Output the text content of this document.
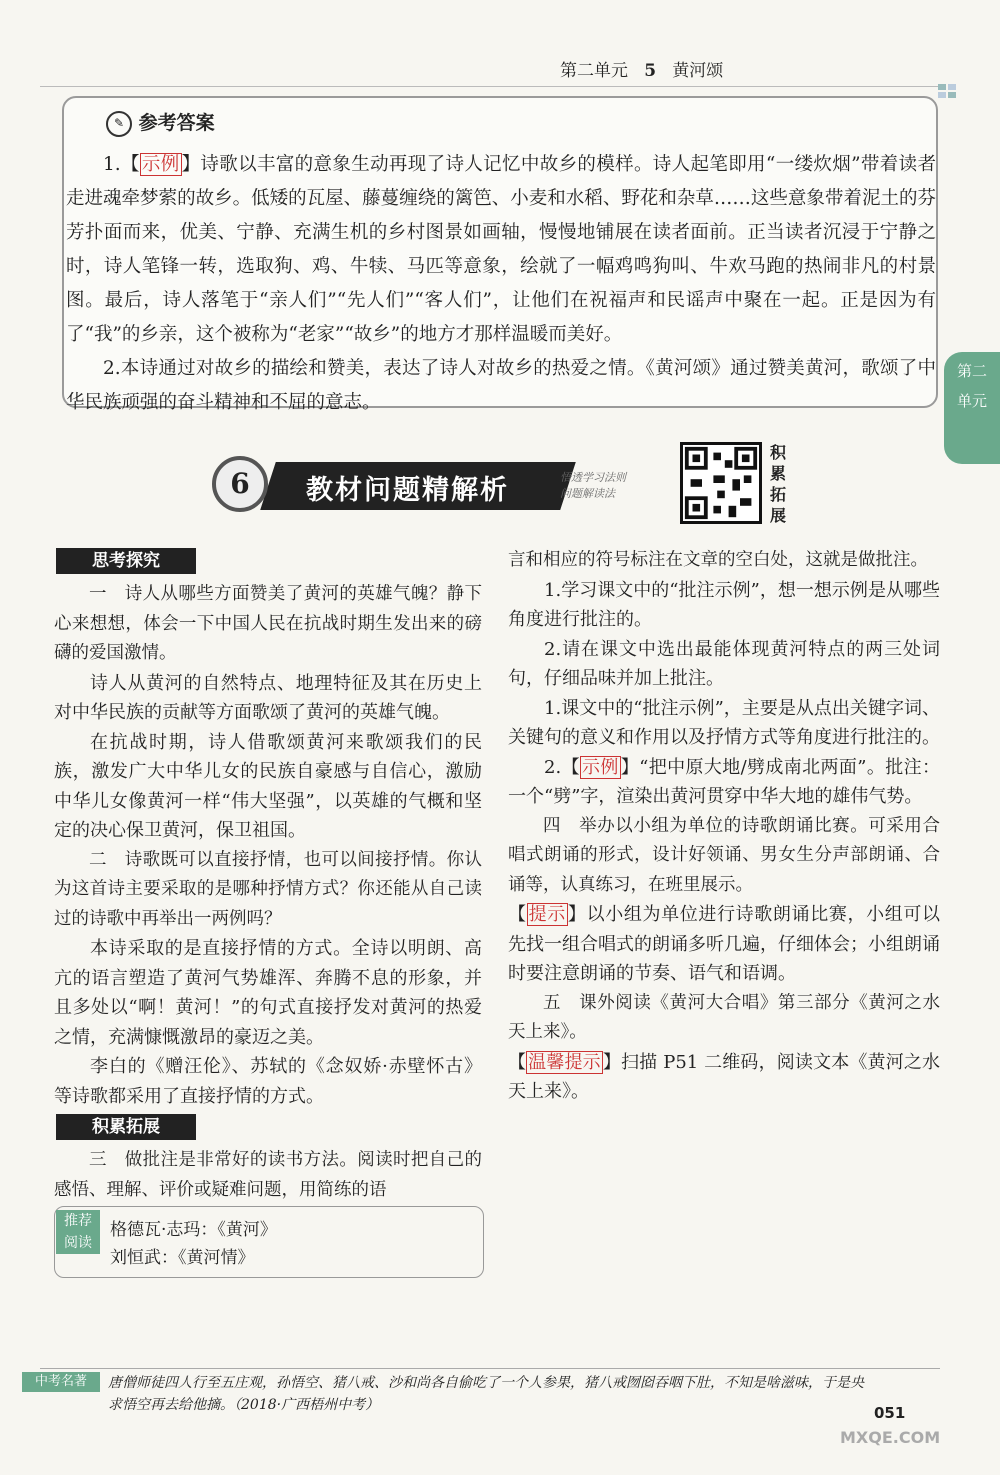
第二单元 5 黄河颂
✎ 参考答案

1.【 示例 】诗歌以丰富的意象生动再现了诗人记忆中故乡的模样。诗人起笔即用“一缕炊烟”带着读者走进魂牵梦萦的故乡。低矮的瓦屋、藤蔓缠绕的篱笆、小麦和水稻、野花和杂草……这些意象带着泥土的芬芳扑面而来，优美、宁静、充满生机的乡村图景如画轴，慢慢地铺展在读者面前。正当读者沉浸于宁静之时，诗人笔锋一转，选取狗、鸡、牛犊、马匹等意象，绘就了一幅鸡鸣狗叫、牛欢马跑的热闹非凡的村景图。最后，诗人落笔于“亲人们”“先人们”“客人们”，让他们在祝福声和民谣声中聚在一起。正是因为有了“我”的乡亲，这个被称为“老家”“故乡”的地方才那样温暖而美好。

2.本诗通过对故乡的描绘和赞美，表达了诗人对故乡的热爱之情。《黄河颂》通过赞美黄河，歌颂了中华民族顽强的奋斗精神和不屈的意志。

第二
单元
6	教材问题精解析	悟透学习法则
问题解读法
积累拓展
思考探究

一　诗人从哪些方面赞美了黄河的英雄气魄？静下心来想想，体会一下中国人民在抗战时期生发出来的磅礴的爱国激情。

诗人从黄河的自然特点、地理特征及其在历史上对中华民族的贡献等方面歌颂了黄河的英雄气魄。

在抗战时期，诗人借歌颂黄河来歌颂我们的民族，激发广大中华儿女的民族自豪感与自信心，激励中华儿女像黄河一样“伟大坚强”，以英雄的气概和坚定的决心保卫黄河，保卫祖国。

二　诗歌既可以直接抒情，也可以间接抒情。你认为这首诗主要采取的是哪种抒情方式？你还能从自己读过的诗歌中再举出一两例吗？

本诗采取的是直接抒情的方式。全诗以明朗、高亢的语言塑造了黄河气势雄浑、奔腾不息的形象，并且多处以“啊！黄河！”的句式直接抒发对黄河的热爱之情，充满慷慨激昂的豪迈之美。

李白的《赠汪伦》、苏轼的《念奴娇·赤壁怀古》等诗歌都采用了直接抒情的方式。

积累拓展

三　做批注是非常好的读书方法。阅读时把自己的感悟、理解、评价或疑难问题，用简练的语

推荐
阅读
格德瓦·志玛：《黄河》
刘恒武：《黄河情》

言和相应的符号标注在文章的空白处，这就是做批注。

1.学习课文中的“批注示例”，想一想示例是从哪些角度进行批注的。

2.请在课文中选出最能体现黄河特点的两三处词句，仔细品味并加上批注。

1.课文中的“批注示例”，主要是从点出关键字词、关键句的意义和作用以及抒情方式等角度进行批注的。

2.【 示例 】“把中原大地/劈成南北两面”。批注：一个“劈”字，渲染出黄河贯穿中华大地的雄伟气势。

四　举办以小组为单位的诗歌朗诵比赛。可采用合唱式朗诵的形式，设计好领诵、男女生分声部朗诵、合诵等，认真练习，在班里展示。

【 提示 】以小组为单位进行诗歌朗诵比赛，小组可以先找一组合唱式的朗诵多听几遍，仔细体会；小组朗诵时要注意朗诵的节奏、语气和语调。

五　课外阅读《黄河大合唱》第三部分《黄河之水天上来》。

【 温馨提示 】扫描 P51 二维码，阅读文本《黄河之水天上来》。

中考名著	唐僧师徒四人行至五庄观，孙悟空、猪八戒、沙和尚各自偷吃了一个人参果，猪八戒囫囵吞咽下肚，不知是啥滋味，于是央求悟空再去给他摘。（2018·广西梧州中考）	051
MXQE.COM
